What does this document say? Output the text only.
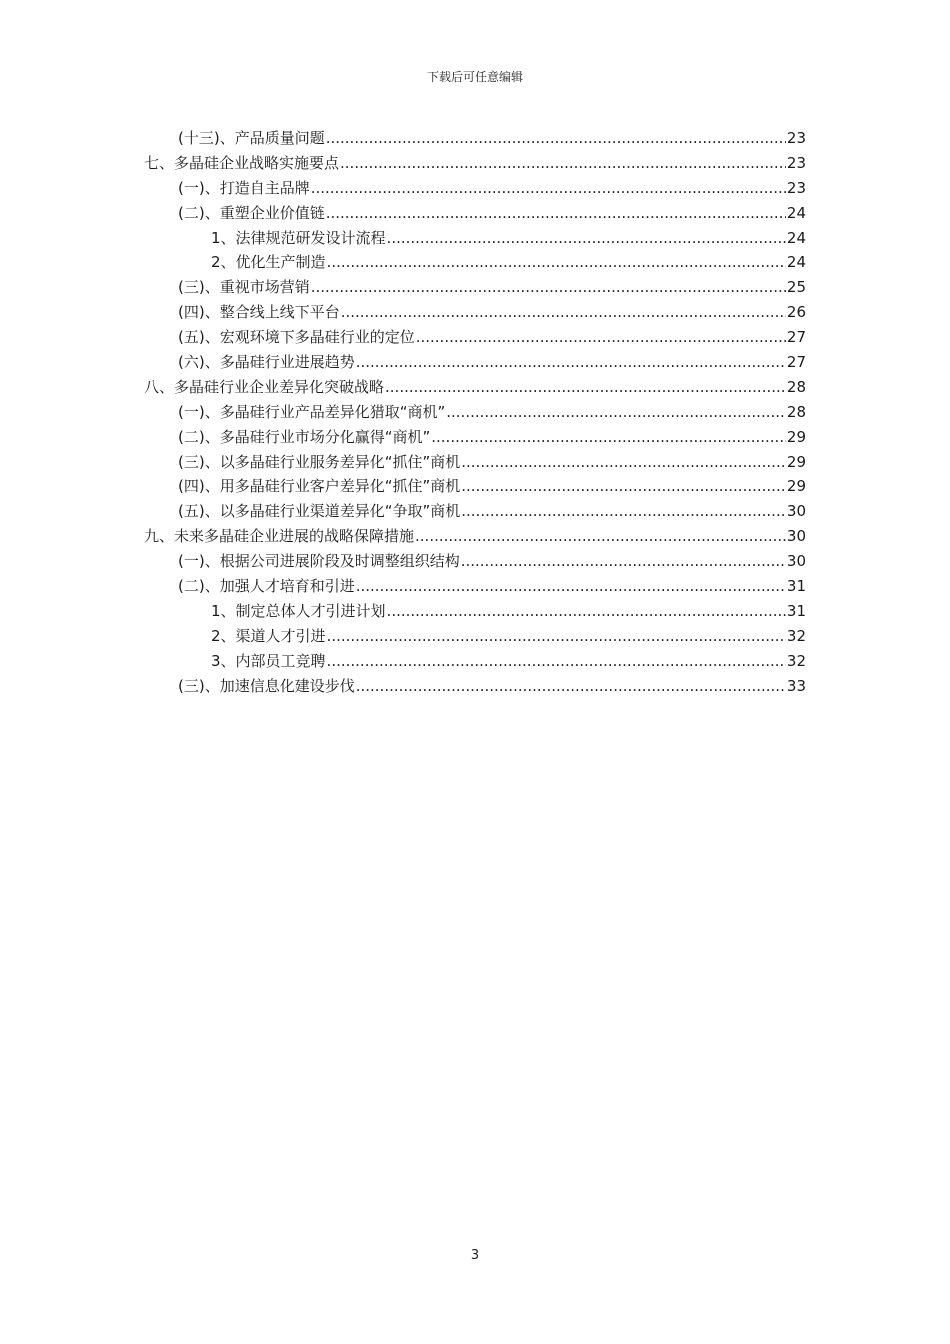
下载后可任意编辑
(十三)、产品质量问题 .....	23
七、多晶硅企业战略实施要点 .....	23
(一)、打造自主品牌 .....	23
(二)、重塑企业价值链 .....	24
1、法律规范研发设计流程 .....	24
2、优化生产制造 .....	24
(三)、重视市场营销 .....	25
(四)、整合线上线下平台 .....	26
(五)、宏观环境下多晶硅行业的定位 .....	27
(六)、多晶硅行业进展趋势 .....	27
八、多晶硅行业企业差异化突破战略 .....	28
(一)、多晶硅行业产品差异化猎取“商机” .....	28
(二)、多晶硅行业市场分化赢得“商机” .....	29
(三)、以多晶硅行业服务差异化“抓住”商机 .....	29
(四)、用多晶硅行业客户差异化“抓住”商机 .....	29
(五)、以多晶硅行业渠道差异化“争取”商机 .....	30
九、未来多晶硅企业进展的战略保障措施 .....	30
(一)、根据公司进展阶段及时调整组织结构 .....	30
(二)、加强人才培育和引进 .....	31
1、制定总体人才引进计划 .....	31
2、渠道人才引进 .....	32
3、内部员工竞聘 .....	32
(三)、加速信息化建设步伐 .....	33
3
